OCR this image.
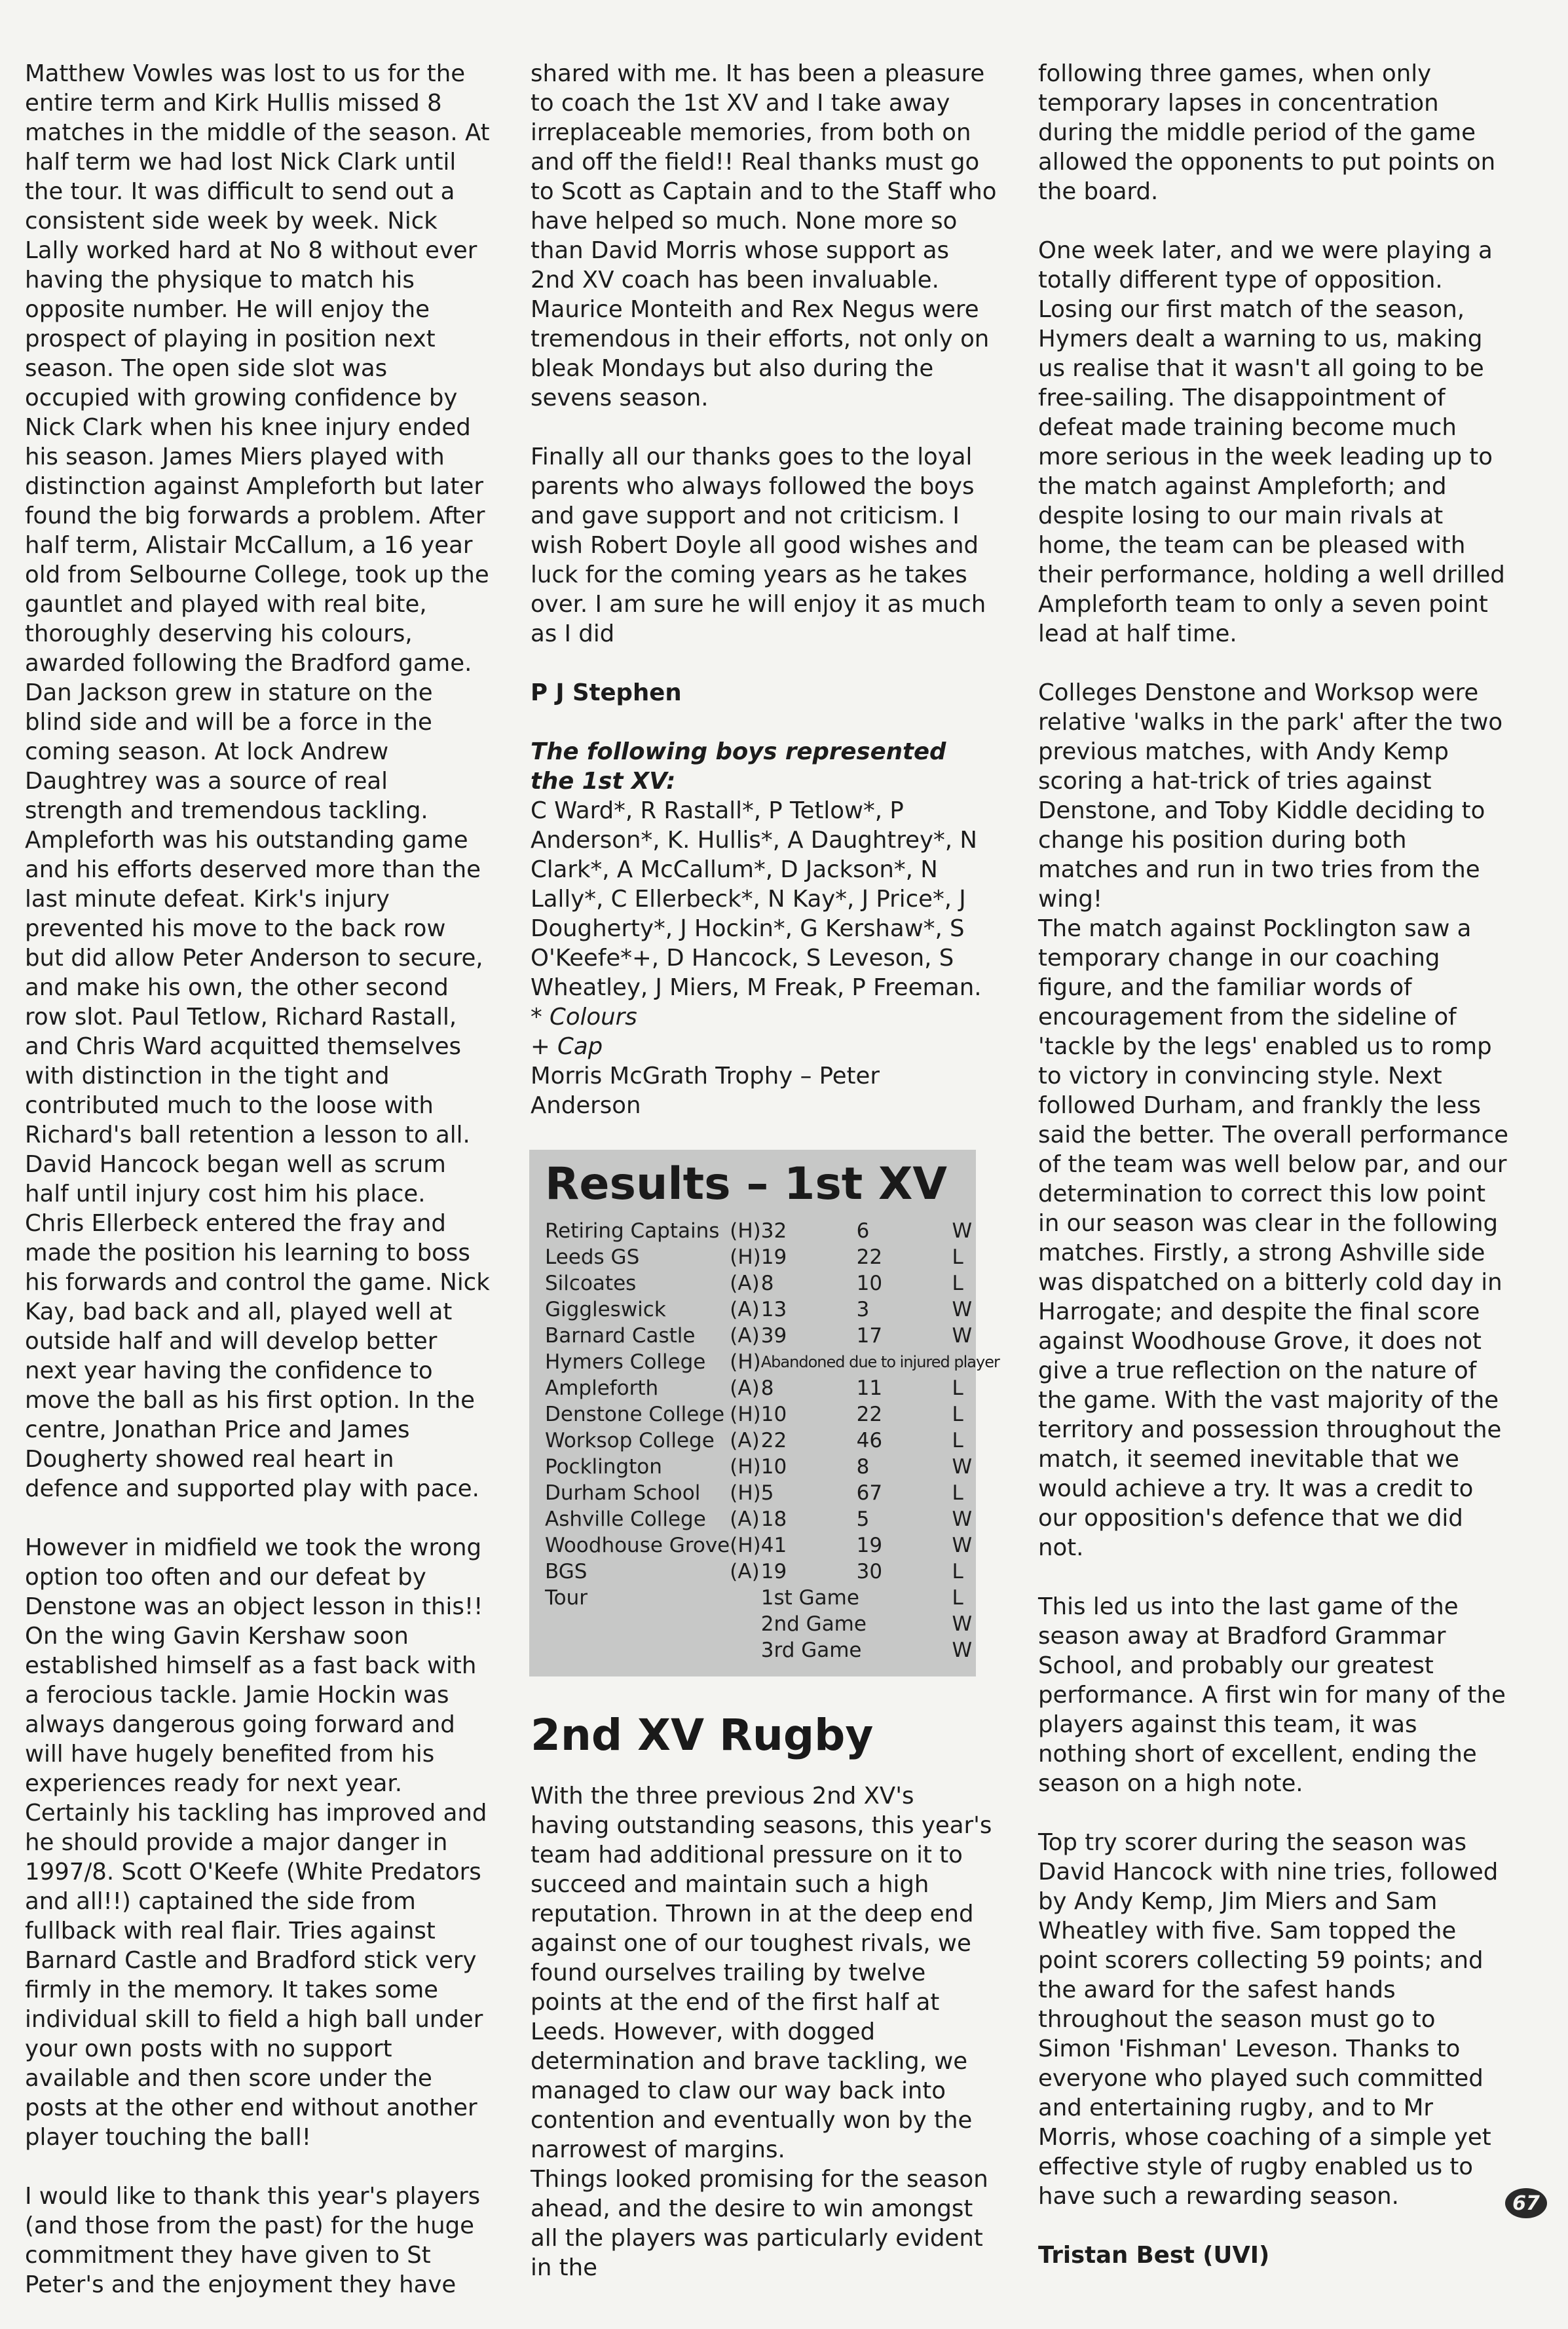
Matthew Vowles was lost to us for the entire term and Kirk Hullis missed 8 matches in the middle of the season. At half term we had lost Nick Clark until the tour. It was difficult to send out a consistent side week by week. Nick Lally worked hard at No 8 without ever having the physique to match his opposite number. He will enjoy the prospect of playing in position next season. The open side slot was occupied with growing confidence by Nick Clark when his knee injury ended his season. James Miers played with distinction against Ampleforth but later found the big forwards a problem. After half term, Alistair McCallum, a 16 year old from Selbourne College, took up the gauntlet and played with real bite, thoroughly deserving his colours, awarded following the Bradford game. Dan Jackson grew in stature on the blind side and will be a force in the coming season. At lock Andrew Daughtrey was a source of real strength and tremendous tackling. Ampleforth was his outstanding game and his efforts deserved more than the last minute defeat. Kirk's injury prevented his move to the back row but did allow Peter Anderson to secure, and make his own, the other second row slot. Paul Tetlow, Richard Rastall, and Chris Ward acquitted themselves with distinction in the tight and contributed much to the loose with Richard's ball retention a lesson to all. David Hancock began well as scrum half until injury cost him his place. Chris Ellerbeck entered the fray and made the position his learning to boss his forwards and control the game. Nick Kay, bad back and all, played well at outside half and will develop better next year having the confidence to move the ball as his first option. In the centre, Jonathan Price and James Dougherty showed real heart in defence and supported play with pace.

However in midfield we took the wrong option too often and our defeat by Denstone was an object lesson in this!! On the wing Gavin Kershaw soon established himself as a fast back with a ferocious tackle. Jamie Hockin was always dangerous going forward and will have hugely benefited from his experiences ready for next year. Certainly his tackling has improved and he should provide a major danger in 1997/8. Scott O'Keefe (White Predators and all!!) captained the side from fullback with real flair. Tries against Barnard Castle and Bradford stick very firmly in the memory. It takes some individual skill to field a high ball under your own posts with no support available and then score under the posts at the other end without another player touching the ball!

I would like to thank this year's players (and those from the past) for the huge commitment they have given to St Peter's and the enjoyment they have

shared with me. It has been a pleasure to coach the 1st XV and I take away irreplaceable memories, from both on and off the field!! Real thanks must go to Scott as Captain and to the Staff who have helped so much. None more so than David Morris whose support as 2nd XV coach has been invaluable. Maurice Monteith and Rex Negus were tremendous in their efforts, not only on bleak Mondays but also during the sevens season.

Finally all our thanks goes to the loyal parents who always followed the boys and gave support and not criticism. I wish Robert Doyle all good wishes and luck for the coming years as he takes over. I am sure he will enjoy it as much as I did

P J Stephen

The following boys represented the 1st XV:
C Ward*, R Rastall*, P Tetlow*, P Anderson*, K. Hullis*, A Daughtrey*, N Clark*, A McCallum*, D Jackson*, N Lally*, C Ellerbeck*, N Kay*, J Price*, J Dougherty*, J Hockin*, G Kershaw*, S O'Keefe*+, D Hancock, S Leveson, S Wheatley, J Miers, M Freak, P Freeman.
* Colours
+ Cap
Morris McGrath Trophy – Peter Anderson
Results – 1st XV
Retiring Captains	(H)	32	6	W
Leeds GS	(H)	19	22	L
Silcoates	(A)	8	10	L
Giggleswick	(A)	13	3	W
Barnard Castle	(A)	39	17	W
Hymers College	(H)	Abandoned due to injured player		
Ampleforth	(A)	8	11	L
Denstone College	(H)	10	22	L
Worksop College	(A)	22	46	L
Pocklington	(H)	10	8	W
Durham School	(H)	5	67	L
Ashville College	(A)	18	5	W
Woodhouse Grove	(H)	41	19	W
BGS	(A)	19	30	L
Tour		1st Game		L
		2nd Game		W
		3rd Game		W
2nd XV Rugby

With the three previous 2nd XV's having outstanding seasons, this year's team had additional pressure on it to succeed and maintain such a high reputation. Thrown in at the deep end against one of our toughest rivals, we found ourselves trailing by twelve points at the end of the first half at Leeds. However, with dogged determination and brave tackling, we managed to claw our way back into contention and eventually won by the narrowest of margins.

Things looked promising for the season ahead, and the desire to win amongst all the players was particularly evident in the

following three games, when only temporary lapses in concentration during the middle period of the game allowed the opponents to put points on the board.

One week later, and we were playing a totally different type of opposition. Losing our first match of the season, Hymers dealt a warning to us, making us realise that it wasn't all going to be free-sailing. The disappointment of defeat made training become much more serious in the week leading up to the match against Ampleforth; and despite losing to our main rivals at home, the team can be pleased with their performance, holding a well drilled Ampleforth team to only a seven point lead at half time.

Colleges Denstone and Worksop were relative 'walks in the park' after the two previous matches, with Andy Kemp scoring a hat-trick of tries against Denstone, and Toby Kiddle deciding to change his position during both matches and run in two tries from the wing!

The match against Pocklington saw a temporary change in our coaching figure, and the familiar words of encouragement from the sideline of 'tackle by the legs' enabled us to romp to victory in convincing style. Next followed Durham, and frankly the less said the better. The overall performance of the team was well below par, and our determination to correct this low point in our season was clear in the following matches. Firstly, a strong Ashville side was dispatched on a bitterly cold day in Harrogate; and despite the final score against Woodhouse Grove, it does not give a true reflection on the nature of the game. With the vast majority of the territory and possession throughout the match, it seemed inevitable that we would achieve a try. It was a credit to our opposition's defence that we did not.

This led us into the last game of the season away at Bradford Grammar School, and probably our greatest performance. A first win for many of the players against this team, it was nothing short of excellent, ending the season on a high note.

Top try scorer during the season was David Hancock with nine tries, followed by Andy Kemp, Jim Miers and Sam Wheatley with five. Sam topped the point scorers collecting 59 points; and the award for the safest hands throughout the season must go to Simon 'Fishman' Leveson. Thanks to everyone who played such committed and entertaining rugby, and to Mr Morris, whose coaching of a simple yet effective style of rugby enabled us to have such a rewarding season.

Tristan Best (UVI)

67
